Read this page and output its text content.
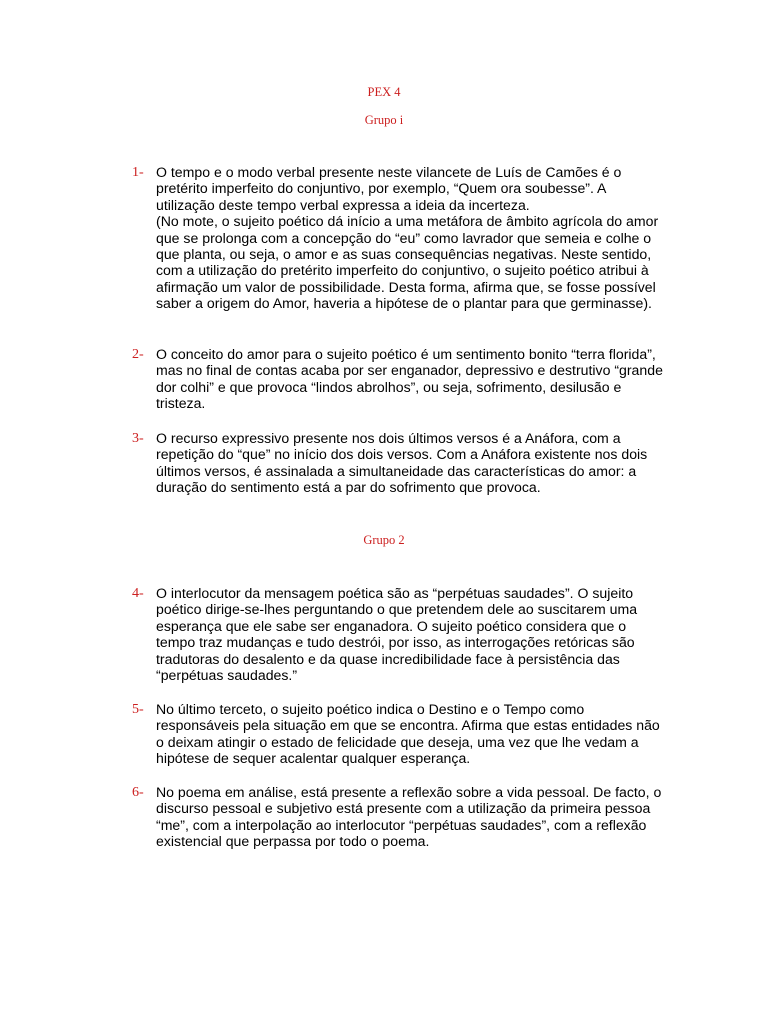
PEX 4
Grupo i
1- O tempo e o modo verbal presente neste vilancete de Luís de Camões é o pretérito imperfeito do conjuntivo, por exemplo, “Quem ora soubesse”. A utilização deste tempo verbal expressa a ideia da incerteza.

(No mote, o sujeito poético dá início a uma metáfora de âmbito agrícola do amor que se prolonga com a concepção do “eu” como lavrador que semeia e colhe o que planta, ou seja, o amor e as suas consequências negativas. Neste sentido, com a utilização do pretérito imperfeito do conjuntivo, o sujeito poético atribui à afirmação um valor de possibilidade. Desta forma, afirma que, se fosse possível saber a origem do Amor, haveria a hipótese de o plantar para que germinasse).

2- O conceito do amor para o sujeito poético é um sentimento bonito “terra florida”, mas no final de contas acaba por ser enganador, depressivo e destrutivo “grande dor colhi” e que provoca “lindos abrolhos”, ou seja, sofrimento, desilusão e tristeza.
3- O recurso expressivo presente nos dois últimos versos é a Anáfora, com a repetição do “que” no início dos dois versos. Com a Anáfora existente nos dois últimos versos, é assinalada a simultaneidade das características do amor: a duração do sentimento está a par do sofrimento que provoca.
Grupo 2
4- O interlocutor da mensagem poética são as “perpétuas saudades”. O sujeito poético dirige-se-lhes perguntando o que pretendem dele ao suscitarem uma esperança que ele sabe ser enganadora. O sujeito poético considera que o tempo traz mudanças e tudo destrói, por isso, as interrogações retóricas são tradutoras do desalento e da quase incredibilidade face à persistência das “perpétuas saudades.”
5- No último terceto, o sujeito poético indica o Destino e o Tempo como responsáveis pela situação em que se encontra. Afirma que estas entidades não o deixam atingir o estado de felicidade que deseja, uma vez que lhe vedam a hipótese de sequer acalentar qualquer esperança.
6- No poema em análise, está presente a reflexão sobre a vida pessoal. De facto, o discurso pessoal e subjetivo está presente com a utilização da primeira pessoa “me”, com a interpolação ao interlocutor “perpétuas saudades”, com a reflexão existencial que perpassa por todo o poema.
